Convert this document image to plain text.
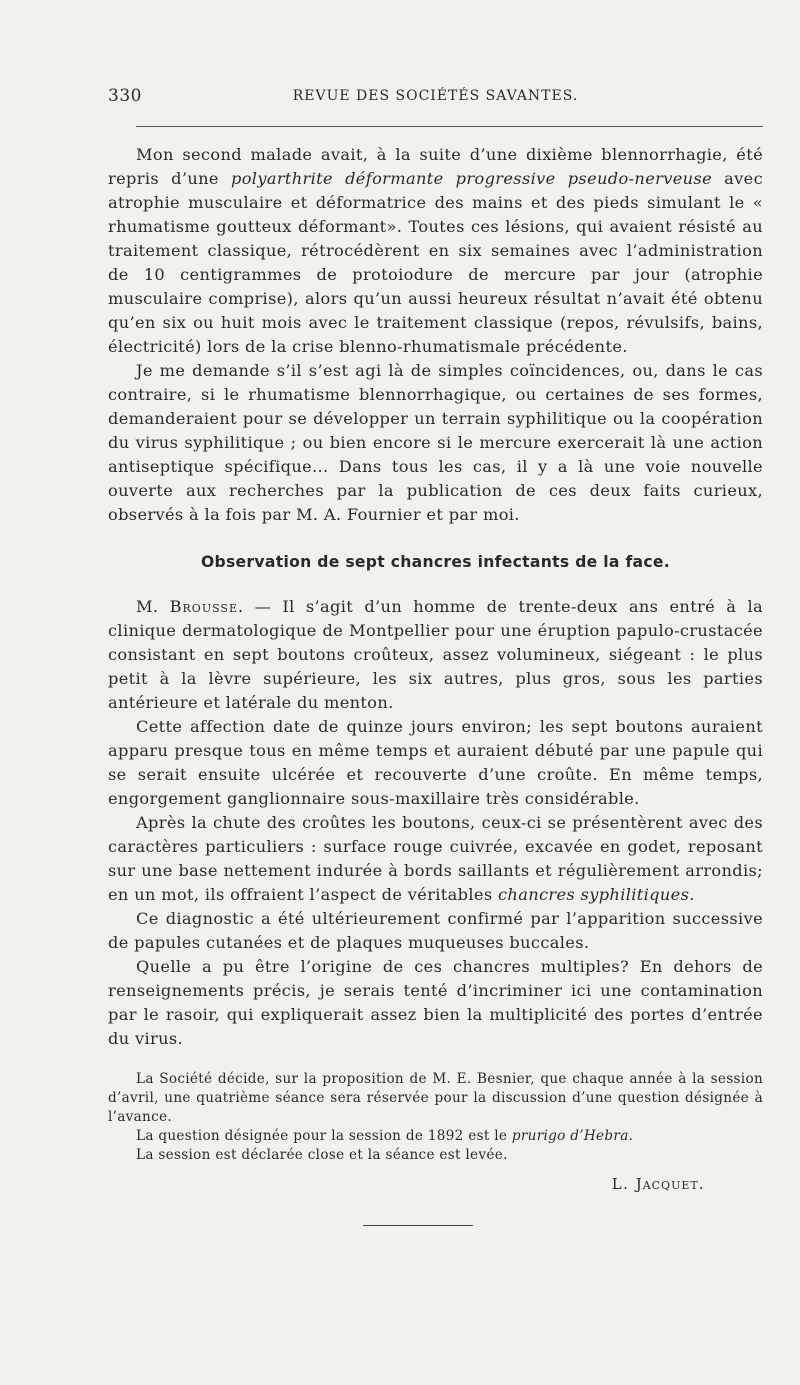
330	REVUE DES SOCIÉTÉS SAVANTES.

Mon second malade avait, à la suite d’une dixième blennorrhagie, été repris d’une polyarthrite déformante progressive pseudo-nerveuse avec atrophie musculaire et déformatrice des mains et des pieds simulant le « rhumatisme goutteux déformant». Toutes ces lésions, qui avaient résisté au traitement classique, rétrocédèrent en six semaines avec l’administration de 10 centigrammes de protoiodure de mercure par jour (atrophie musculaire comprise), alors qu’un aussi heureux résultat n’avait été obtenu qu’en six ou huit mois avec le traitement classique (repos, révulsifs, bains, électricité) lors de la crise blenno-rhumatismale précédente.

Je me demande s’il s’est agi là de simples coïncidences, ou, dans le cas contraire, si le rhumatisme blennorrhagique, ou certaines de ses formes, demanderaient pour se développer un terrain syphilitique ou la coopération du virus syphilitique ; ou bien encore si le mercure exercerait là une action antiseptique spécifique... Dans tous les cas, il y a là une voie nouvelle ouverte aux recherches par la publication de ces deux faits curieux, observés à la fois par M. A. Fournier et par moi.

Observation de sept chancres infectants de la face.

M. Brousse. — Il s’agit d’un homme de trente-deux ans entré à la clinique dermatologique de Montpellier pour une éruption papulo-crustacée consistant en sept boutons croûteux, assez volumineux, siégeant : le plus petit à la lèvre supérieure, les six autres, plus gros, sous les parties antérieure et latérale du menton.

Cette affection date de quinze jours environ; les sept boutons auraient apparu presque tous en même temps et auraient débuté par une papule qui se serait ensuite ulcérée et recouverte d’une croûte. En même temps, engorgement ganglionnaire sous-maxillaire très considérable.

Après la chute des croûtes les boutons, ceux-ci se présentèrent avec des caractères particuliers : surface rouge cuivrée, excavée en godet, reposant sur une base nettement indurée à bords saillants et régulièrement arrondis; en un mot, ils offraient l’aspect de véritables chancres syphilitiques.

Ce diagnostic a été ultérieurement confirmé par l’apparition successive de papules cutanées et de plaques muqueuses buccales.

Quelle a pu être l’origine de ces chancres multiples? En dehors de renseignements précis, je serais tenté d’incriminer ici une contamination par le rasoir, qui expliquerait assez bien la multiplicité des portes d’entrée du virus.

La Société décide, sur la proposition de M. E. Besnier, que chaque année à la session d’avril, une quatrième séance sera réservée pour la discussion d’une question désignée à l’avance.

La question désignée pour la session de 1892 est le prurigo d’Hebra.

La session est déclarée close et la séance est levée.

L. Jacquet.
